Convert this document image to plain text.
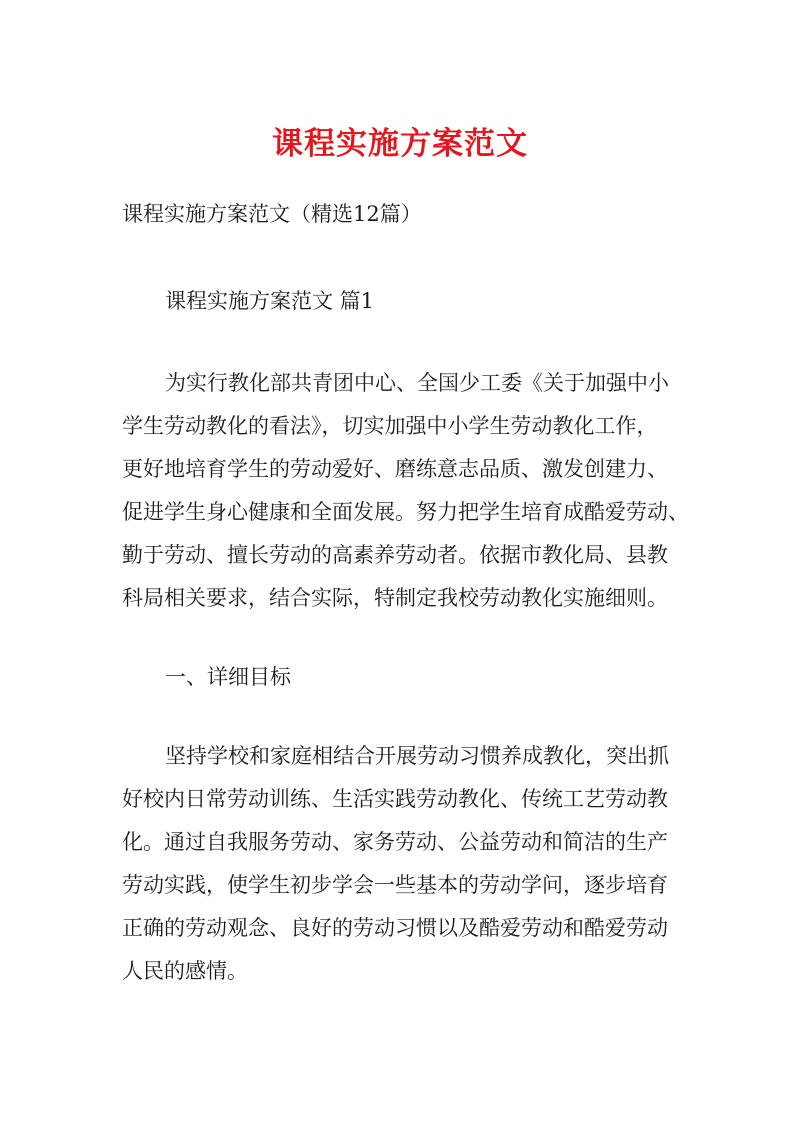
课程实施方案范文
课程实施方案范文（精选12篇）
课程实施方案范文 篇1

为实行教化部共青团中心、全国少工委《关于加强中小
学生劳动教化的看法》，切实加强中小学生劳动教化工作，
更好地培育学生的劳动爱好、磨练意志品质、激发创建力、
促进学生身心健康和全面发展。努力把学生培育成酷爱劳动、
勤于劳动、擅长劳动的高素养劳动者。依据市教化局、县教
科局相关要求，结合实际，特制定我校劳动教化实施细则。

一、详细目标

坚持学校和家庭相结合开展劳动习惯养成教化，突出抓
好校内日常劳动训练、生活实践劳动教化、传统工艺劳动教
化。通过自我服务劳动、家务劳动、公益劳动和简洁的生产
劳动实践，使学生初步学会一些基本的劳动学问，逐步培育
正确的劳动观念、良好的劳动习惯以及酷爱劳动和酷爱劳动
人民的感情。
